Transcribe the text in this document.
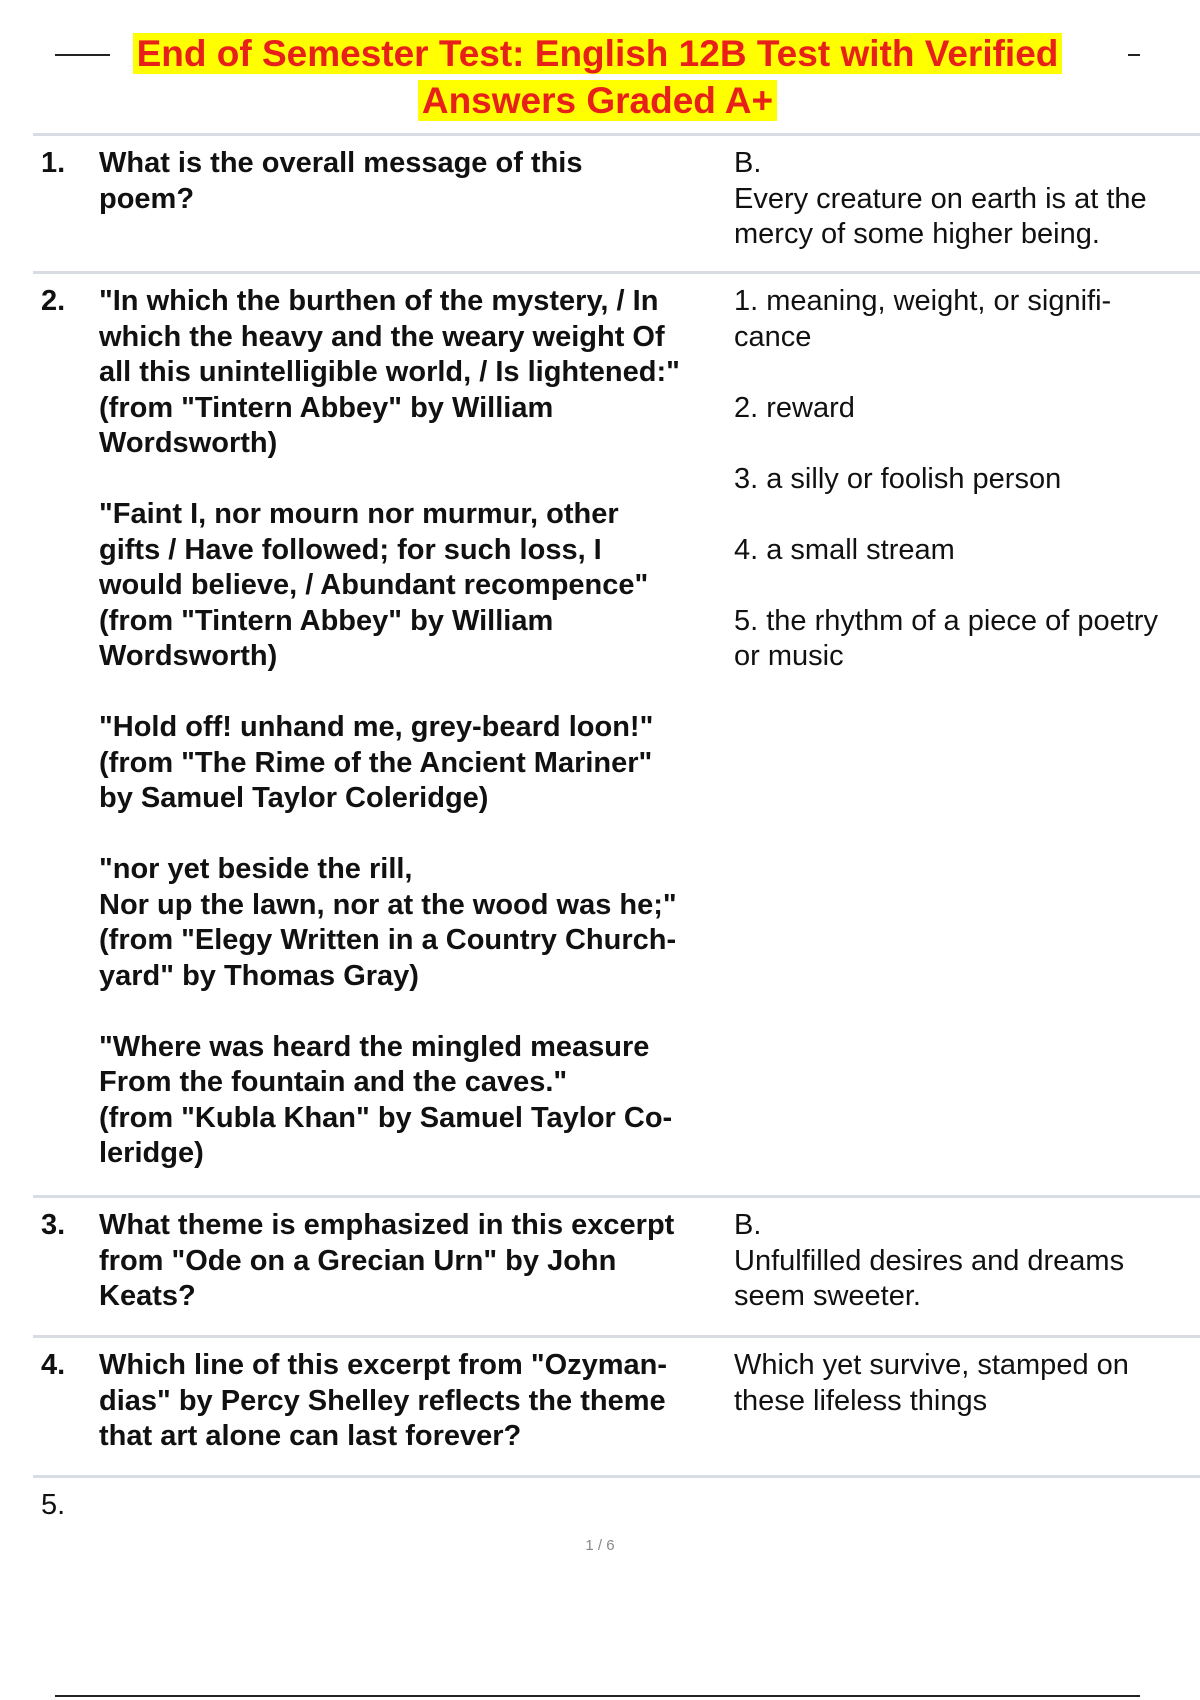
End of Semester Test: English 12B Test with Verified Answers Graded A+
1. What is the overall message of this
poem?

B.
Every creature on earth is at the
mercy of some higher being.

2. "In which the burthen of the mystery, / In
which the heavy and the weary weight Of
all this unintelligible world, / Is lightened:"
(from "Tintern Abbey" by William
Wordsworth)

"Faint I, nor mourn nor murmur, other
gifts / Have followed; for such loss, I
would believe, / Abundant recompence"
(from "Tintern Abbey" by William
Wordsworth)

"Hold off! unhand me, grey-beard loon!"
(from "The Rime of the Ancient Mariner"
by Samuel Taylor Coleridge)

"nor yet beside the rill,
Nor up the lawn, nor at the wood was he;"
(from "Elegy Written in a Country Church-
yard" by Thomas Gray)

"Where was heard the mingled measure
From the fountain and the caves."
(from "Kubla Khan" by Samuel Taylor Co-
leridge)

1. meaning, weight, or signifi-
cance

2. reward

3. a silly or foolish person

4. a small stream

5. the rhythm of a piece of poetry
or music

3. What theme is emphasized in this excerpt
from "Ode on a Grecian Urn" by John
Keats?

B.
Unfulfilled desires and dreams
seem sweeter.

4. Which line of this excerpt from "Ozyman-
dias" by Percy Shelley reflects the theme
that art alone can last forever?

Which yet survive, stamped on
these lifeless things

5.
1 / 6
